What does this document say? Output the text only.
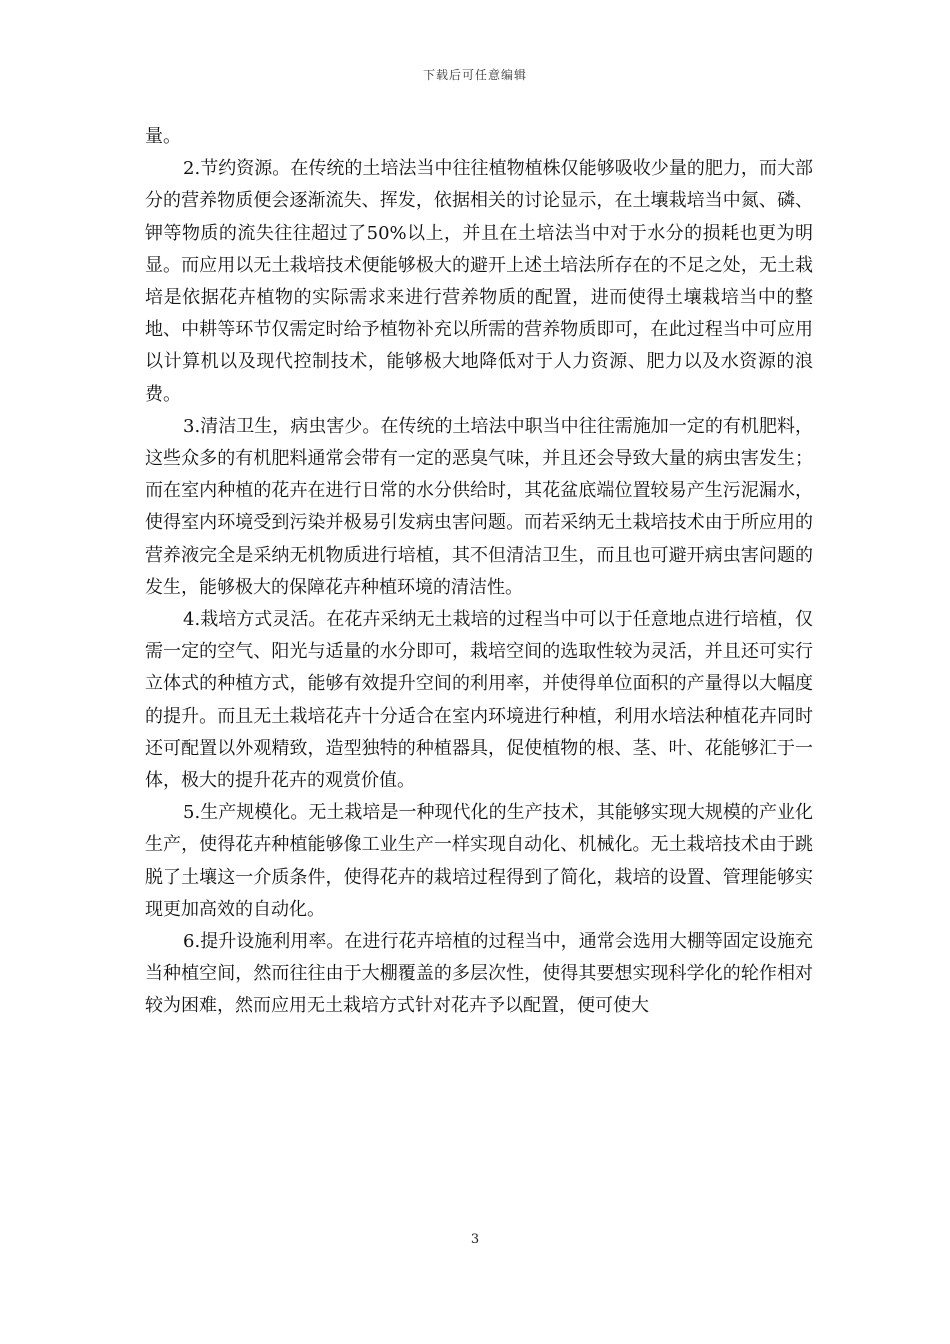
下载后可任意编辑

量。

2.节约资源。在传统的土培法当中往往植物植株仅能够吸收少量的肥力，而大部分的营养物质便会逐渐流失、挥发，依据相关的讨论显示，在土壤栽培当中氮、磷、钾等物质的流失往往超过了50%以上，并且在土培法当中对于水分的损耗也更为明显。而应用以无土栽培技术便能够极大的避开上述土培法所存在的不足之处，无土栽培是依据花卉植物的实际需求来进行营养物质的配置，进而使得土壤栽培当中的整地、中耕等环节仅需定时给予植物补充以所需的营养物质即可，在此过程当中可应用以计算机以及现代控制技术，能够极大地降低对于人力资源、肥力以及水资源的浪费。

3.清洁卫生，病虫害少。在传统的土培法中职当中往往需施加一定的有机肥料，这些众多的有机肥料通常会带有一定的恶臭气味，并且还会导致大量的病虫害发生；而在室内种植的花卉在进行日常的水分供给时，其花盆底端位置较易产生污泥漏水，使得室内环境受到污染并极易引发病虫害问题。而若采纳无土栽培技术由于所应用的营养液完全是采纳无机物质进行培植，其不但清洁卫生，而且也可避开病虫害问题的发生，能够极大的保障花卉种植环境的清洁性。

4.栽培方式灵活。在花卉采纳无土栽培的过程当中可以于任意地点进行培植，仅需一定的空气、阳光与适量的水分即可，栽培空间的选取性较为灵活，并且还可实行立体式的种植方式，能够有效提升空间的利用率，并使得单位面积的产量得以大幅度的提升。而且无土栽培花卉十分适合在室内环境进行种植，利用水培法种植花卉同时还可配置以外观精致，造型独特的种植器具，促使植物的根、茎、叶、花能够汇于一体，极大的提升花卉的观赏价值。

5.生产规模化。无土栽培是一种现代化的生产技术，其能够实现大规模的产业化生产，使得花卉种植能够像工业生产一样实现自动化、机械化。无土栽培技术由于跳脱了土壤这一介质条件，使得花卉的栽培过程得到了简化，栽培的设置、管理能够实现更加高效的自动化。

6.提升设施利用率。在进行花卉培植的过程当中，通常会选用大棚等固定设施充当种植空间，然而往往由于大棚覆盖的多层次性，使得其要想实现科学化的轮作相对较为困难，然而应用无土栽培方式针对花卉予以配置，便可使大

3
